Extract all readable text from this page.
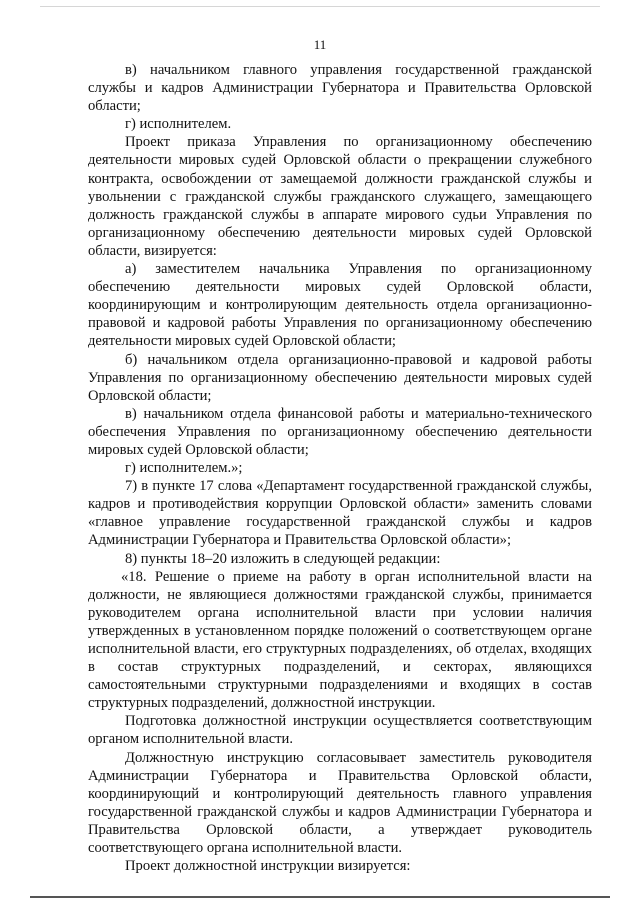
11

в) начальником главного управления государственной гражданской службы и кадров Администрации Губернатора и Правительства Орловской области;

г) исполнителем.

Проект приказа Управления по организационному обеспечению деятельности мировых судей Орловской области о прекращении служебного контракта, освобождении от замещаемой должности гражданской службы и увольнении с гражданской службы гражданского служащего, замещающего должность гражданской службы в аппарате мирового судьи Управления по организационному обеспечению деятельности мировых судей Орловской области, визируется:

а) заместителем начальника Управления по организационному обеспечению деятельности мировых судей Орловской области, координирующим и контролирующим деятельность отдела организационно-правовой и кадровой работы Управления по организационному обеспечению деятельности мировых судей Орловской области;

б) начальником отдела организационно-правовой и кадровой работы Управления по организационному обеспечению деятельности мировых судей Орловской области;

в) начальником отдела финансовой работы и материально-технического обеспечения Управления по организационному обеспечению деятельности мировых судей Орловской области;

г) исполнителем.»;

7) в пункте 17 слова «Департамент государственной гражданской службы, кадров и противодействия коррупции Орловской области» заменить словами «главное управление государственной гражданской службы и кадров Администрации Губернатора и Правительства Орловской области»;

8) пункты 18–20 изложить в следующей редакции:

«18. Решение о приеме на работу в орган исполнительной власти на должности, не являющиеся должностями гражданской службы, принимается руководителем органа исполнительной власти при условии наличия утвержденных в установленном порядке положений о соответствующем органе исполнительной власти, его структурных подразделениях, об отделах, входящих в состав структурных подразделений, и секторах, являющихся самостоятельными структурными подразделениями и входящих в состав структурных подразделений, должностной инструкции.

Подготовка должностной инструкции осуществляется соответствующим органом исполнительной власти.

Должностную инструкцию согласовывает заместитель руководителя Администрации Губернатора и Правительства Орловской области, координирующий и контролирующий деятельность главного управления государственной гражданской службы и кадров Администрации Губернатора и Правительства Орловской области, а утверждает руководитель соответствующего органа исполнительной власти.

Проект должностной инструкции визируется:
